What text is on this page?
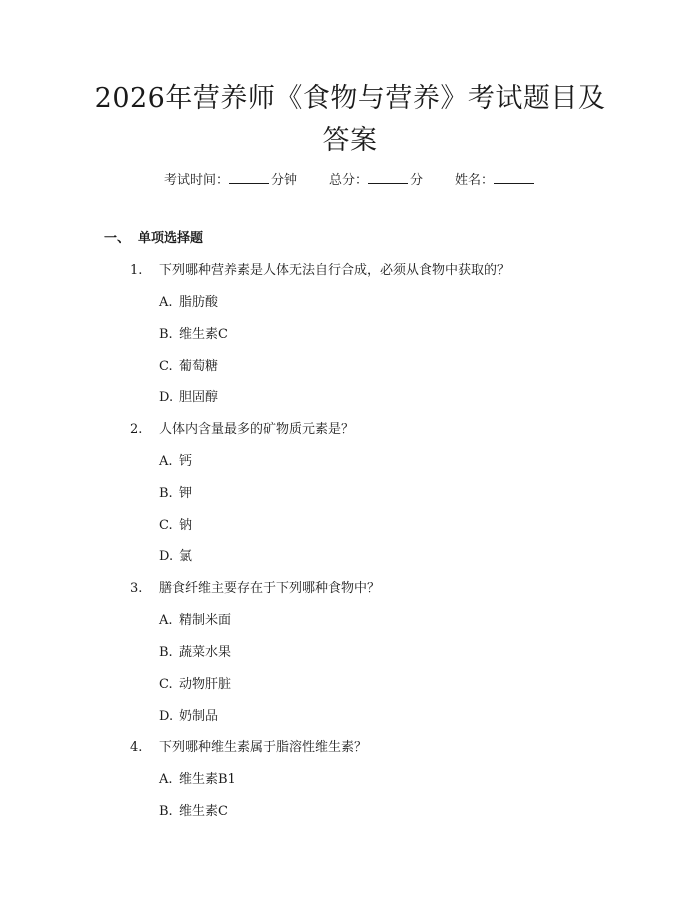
2026年营养师《食物与营养》考试题目及答案
考试时间：	分钟 总分：	分 姓名：
一、 单项选择题
1. 下列哪种营养素是人体无法自行合成，必须从食物中获取的？
A. 脂肪酸
B. 维生素C
C. 葡萄糖
D. 胆固醇
2. 人体内含量最多的矿物质元素是？
A. 钙
B. 钾
C. 钠
D. 氯
3. 膳食纤维主要存在于下列哪种食物中？
A. 精制米面
B. 蔬菜水果
C. 动物肝脏
D. 奶制品
4. 下列哪种维生素属于脂溶性维生素？
A. 维生素B1
B. 维生素C
